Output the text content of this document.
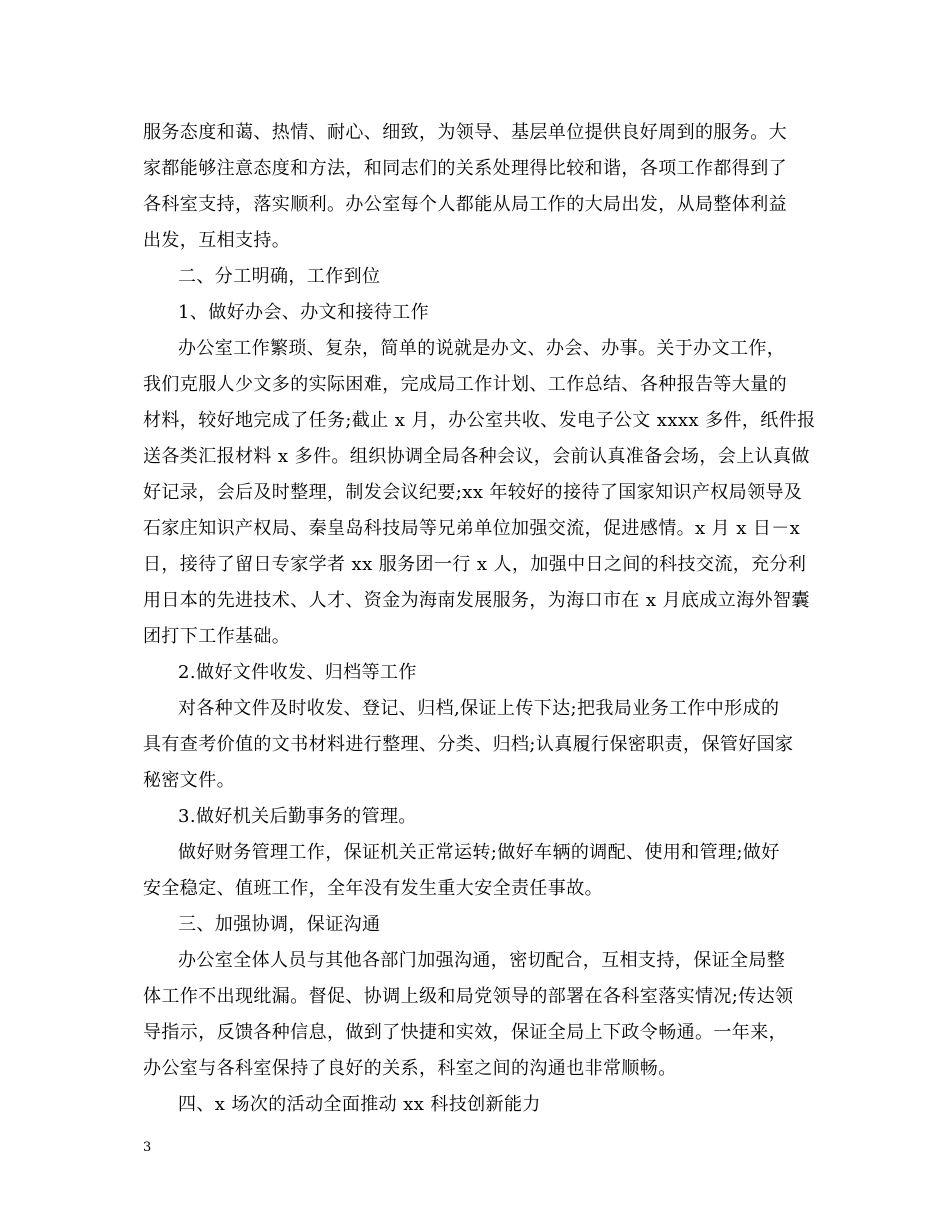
服务态度和蔼、热情、耐心、细致，为领导、基层单位提供良好周到的服务。大
家都能够注意态度和方法，和同志们的关系处理得比较和谐，各项工作都得到了
各科室支持，落实顺利。办公室每个人都能从局工作的大局出发，从局整体利益
出发，互相支持。
二、分工明确，工作到位
1、做好办会、办文和接待工作
办公室工作繁琐、复杂，简单的说就是办文、办会、办事。关于办文工作，
我们克服人少文多的实际困难，完成局工作计划、工作总结、各种报告等大量的
材料，较好地完成了任务;截止 x 月，办公室共收、发电子公文 xxxx 多件，纸件报
送各类汇报材料 x 多件。组织协调全局各种会议，会前认真准备会场，会上认真做
好记录，会后及时整理，制发会议纪要;xx 年较好的接待了国家知识产权局领导及
石家庄知识产权局、秦皇岛科技局等兄弟单位加强交流，促进感情。x 月 x 日－x
日，接待了留日专家学者 xx 服务团一行 x 人，加强中日之间的科技交流，充分利
用日本的先进技术、人才、资金为海南发展服务，为海口市在 x 月底成立海外智囊
团打下工作基础。
2.做好文件收发、归档等工作
对各种文件及时收发、登记、归档,保证上传下达;把我局业务工作中形成的
具有查考价值的文书材料进行整理、分类、归档;认真履行保密职责，保管好国家
秘密文件。
3.做好机关后勤事务的管理。
做好财务管理工作，保证机关正常运转;做好车辆的调配、使用和管理;做好
安全稳定、值班工作，全年没有发生重大安全责任事故。
三、加强协调，保证沟通
办公室全体人员与其他各部门加强沟通，密切配合，互相支持，保证全局整
体工作不出现纰漏。督促、协调上级和局党领导的部署在各科室落实情况;传达领
导指示，反馈各种信息，做到了快捷和实效，保证全局上下政令畅通。一年来，
办公室与各科室保持了良好的关系，科室之间的沟通也非常顺畅。
四、x 场次的活动全面推动 xx 科技创新能力
3
